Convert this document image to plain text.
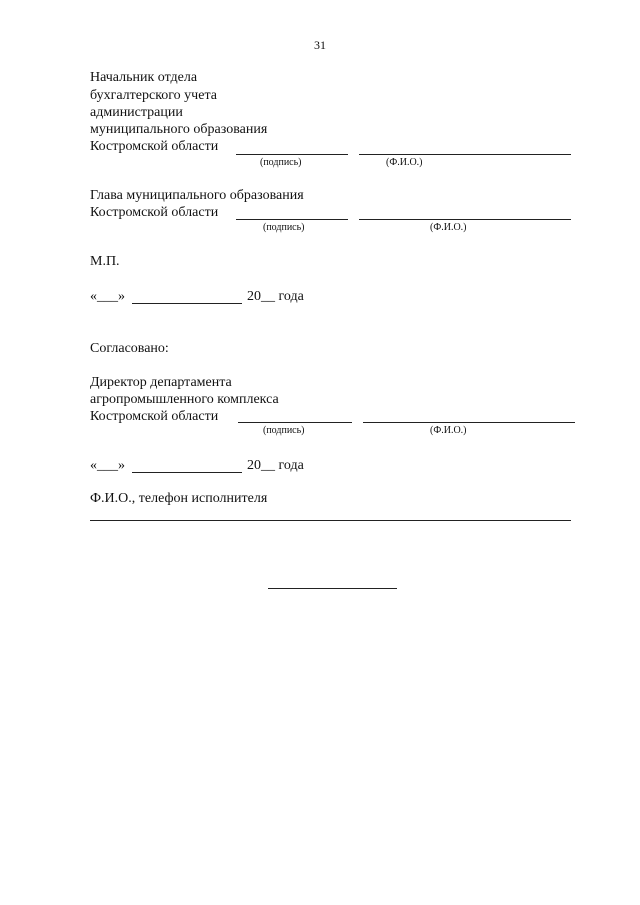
31
Начальник отдела
бухгалтерского учета
администрации
муниципального образования
Костромской области
(подпись)	(Ф.И.О.)
Глава муниципального образования
Костромской области
(подпись)	(Ф.И.О.)
М.П.
«___»	20__ года
Согласовано:
Директор департамента
агропромышленного комплекса
Костромской области
(подпись)	(Ф.И.О.)
«___»	20__ года
Ф.И.О., телефон исполнителя
